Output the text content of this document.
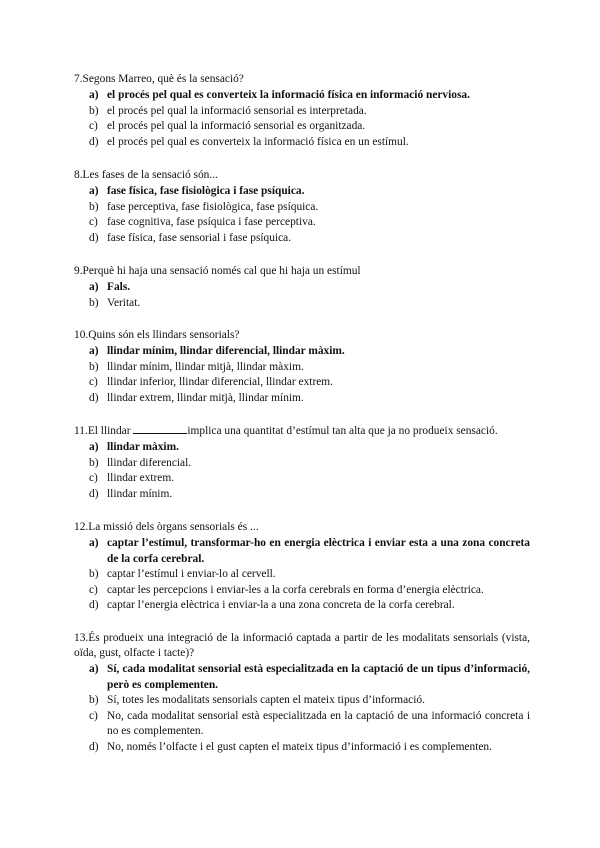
7.Segons Marreo, què és la sensació?
a) el procés pel qual es converteix la informació física en informació nerviosa.
b) el procés pel qual la informació sensorial es interpretada.
c) el procés pel qual la informació sensorial es organitzada.
d) el procés pel qual es converteix la informació física en un estímul.
8.Les fases de la sensació són...
a) fase física, fase fisiològica i fase psíquica.
b) fase perceptiva, fase fisiològica, fase psíquica.
c) fase cognitiva, fase psíquica i fase perceptiva.
d) fase física, fase sensorial i fase psíquica.
9.Perquè hi haja una sensació només cal que hi haja un estímul
a) Fals.
b) Veritat.
10.Quins són els llindars sensorials?
a) llindar mínim, llindar diferencial, llindar màxim.
b) llindar mínim, llindar mitjà, llindar màxim.
c) llindar inferior, llindar diferencial, llindar extrem.
d) llindar extrem, llindar mitjà, llindar mínim.
11.El llindar	implica una quantitat d’estímul tan alta que ja no produeix sensació.
a) llindar màxim.
b) llindar diferencial.
c) llindar extrem.
d) llindar mínim.
12.La missió dels òrgans sensorials és ...
a) captar l’estímul, transformar-ho en energia elèctrica i enviar esta a una zona concreta de la corfa cerebral.
b) captar l’estímul i enviar-lo al cervell.
c) captar les percepcions i enviar-les a la corfa cerebrals en forma d’energia elèctrica.
d) captar l’energia elèctrica i enviar-la a una zona concreta de la corfa cerebral.
13.És produeix una integració de la informació captada a partir de les modalitats sensorials (vista, oïda, gust, olfacte i tacte)?
a) Sí, cada modalitat sensorial està especialitzada en la captació de un tipus d’informació, però es complementen.
b) Sí, totes les modalitats sensorials capten el mateix tipus d’informació.
c) No, cada modalitat sensorial està especialitzada en la captació de una informació concreta i no es complementen.
d) No, només l’olfacte i el gust capten el mateix tipus d’informació i es complementen.
